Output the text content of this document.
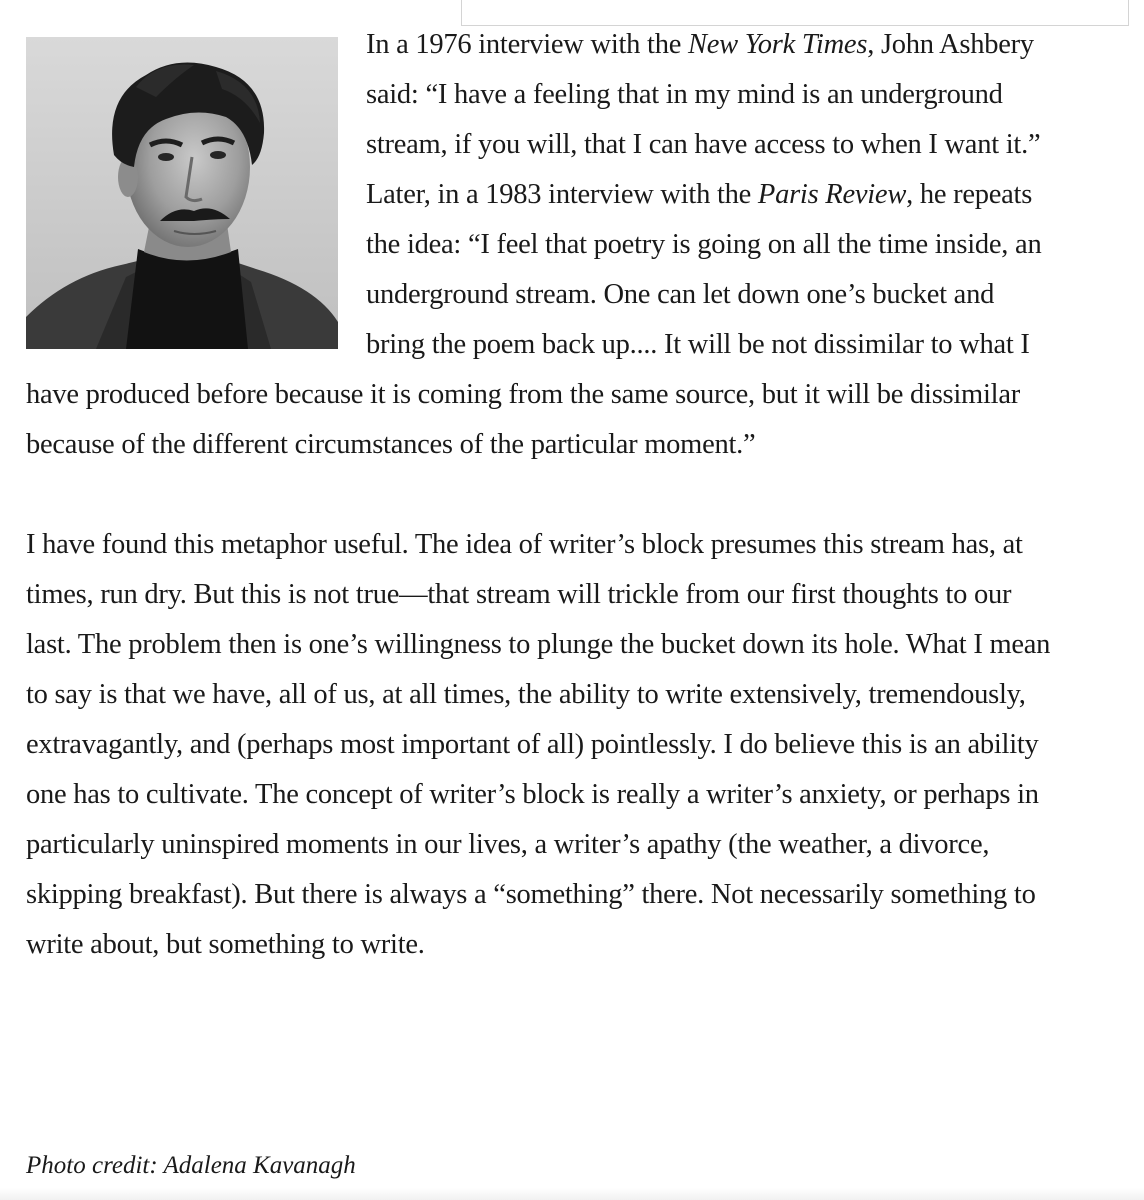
In a 1976 interview with the New York Times, John Ashbery said: “I have a feeling that in my mind is an underground stream, if you will, that I can have access to when I want it.” Later, in a 1983 interview with the Paris Review, he repeats the idea: “I feel that poetry is going on all the time inside, an underground stream. One can let down one’s bucket and bring the poem back up.... It will be not dissimilar to what I have produced before because it is coming from the same source, but it will be dissimilar because of the different circumstances of the particular moment.”

I have found this metaphor useful. The idea of writer’s block presumes this stream has, at times, run dry. But this is not true—that stream will trickle from our first thoughts to our last. The problem then is one’s willingness to plunge the bucket down its hole. What I mean to say is that we have, all of us, at all times, the ability to write extensively, tremendously, extravagantly, and (perhaps most important of all) pointlessly. I do believe this is an ability one has to cultivate. The concept of writer’s block is really a writer’s anxiety, or perhaps in particularly uninspired moments in our lives, a writer’s apathy (the weather, a divorce, skipping breakfast). But there is always a “something” there. Not necessarily something to write about, but something to write.

Photo credit: Adalena Kavanagh
